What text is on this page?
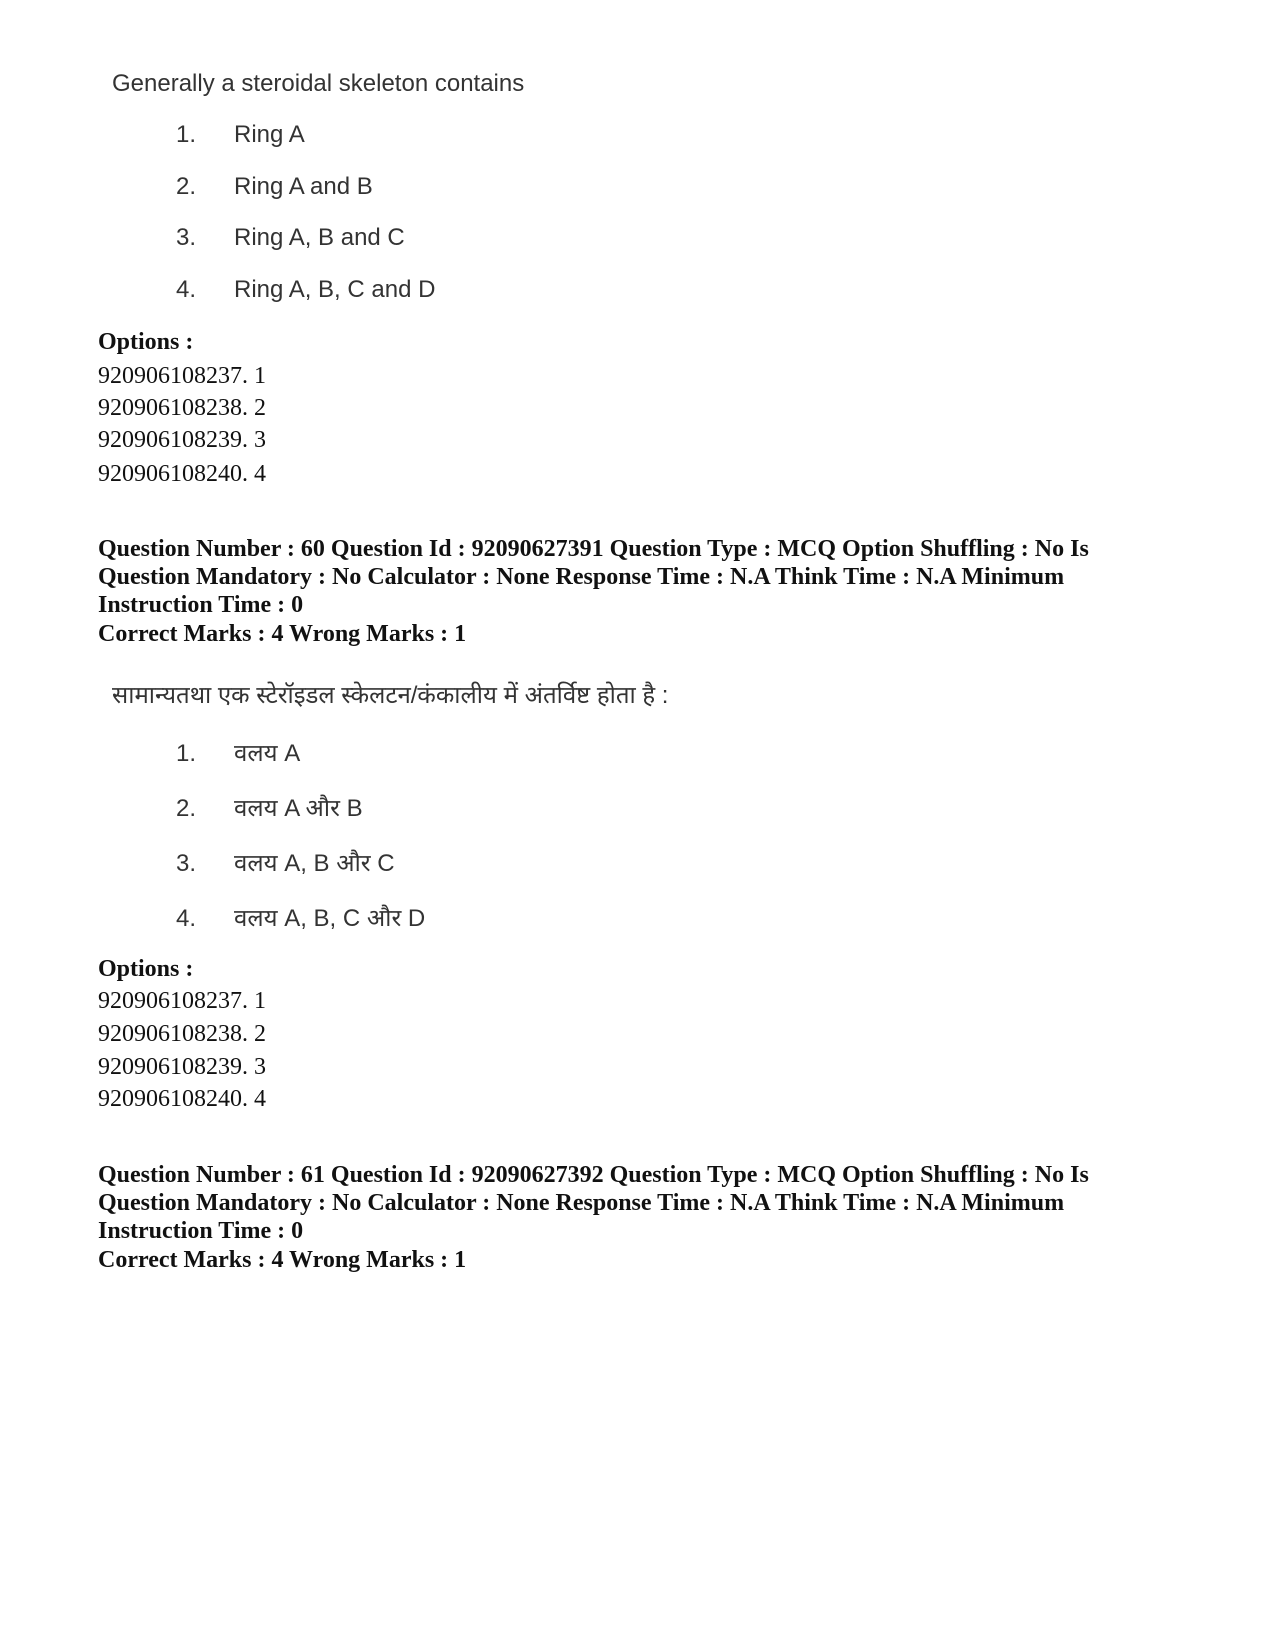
Generally a steroidal skeleton contains
1. Ring A
2. Ring A and B
3. Ring A, B and C
4. Ring A, B, C and D
Options :
920906108237. 1
920906108238. 2
920906108239. 3
920906108240. 4
Question Number : 60 Question Id : 92090627391 Question Type : MCQ Option Shuffling : No Is
Question Mandatory : No Calculator : None Response Time : N.A Think Time : N.A Minimum
Instruction Time : 0
Correct Marks : 4 Wrong Marks : 1
सामान्यतथा एक स्टेरॉइडल स्केलटन/कंकालीय में अंतर्विष्ट होता है :
1. वलय A
2. वलय A और B
3. वलय A, B और C
4. वलय A, B, C और D
Options :
920906108237. 1
920906108238. 2
920906108239. 3
920906108240. 4
Question Number : 61 Question Id : 92090627392 Question Type : MCQ Option Shuffling : No Is
Question Mandatory : No Calculator : None Response Time : N.A Think Time : N.A Minimum
Instruction Time : 0
Correct Marks : 4 Wrong Marks : 1
